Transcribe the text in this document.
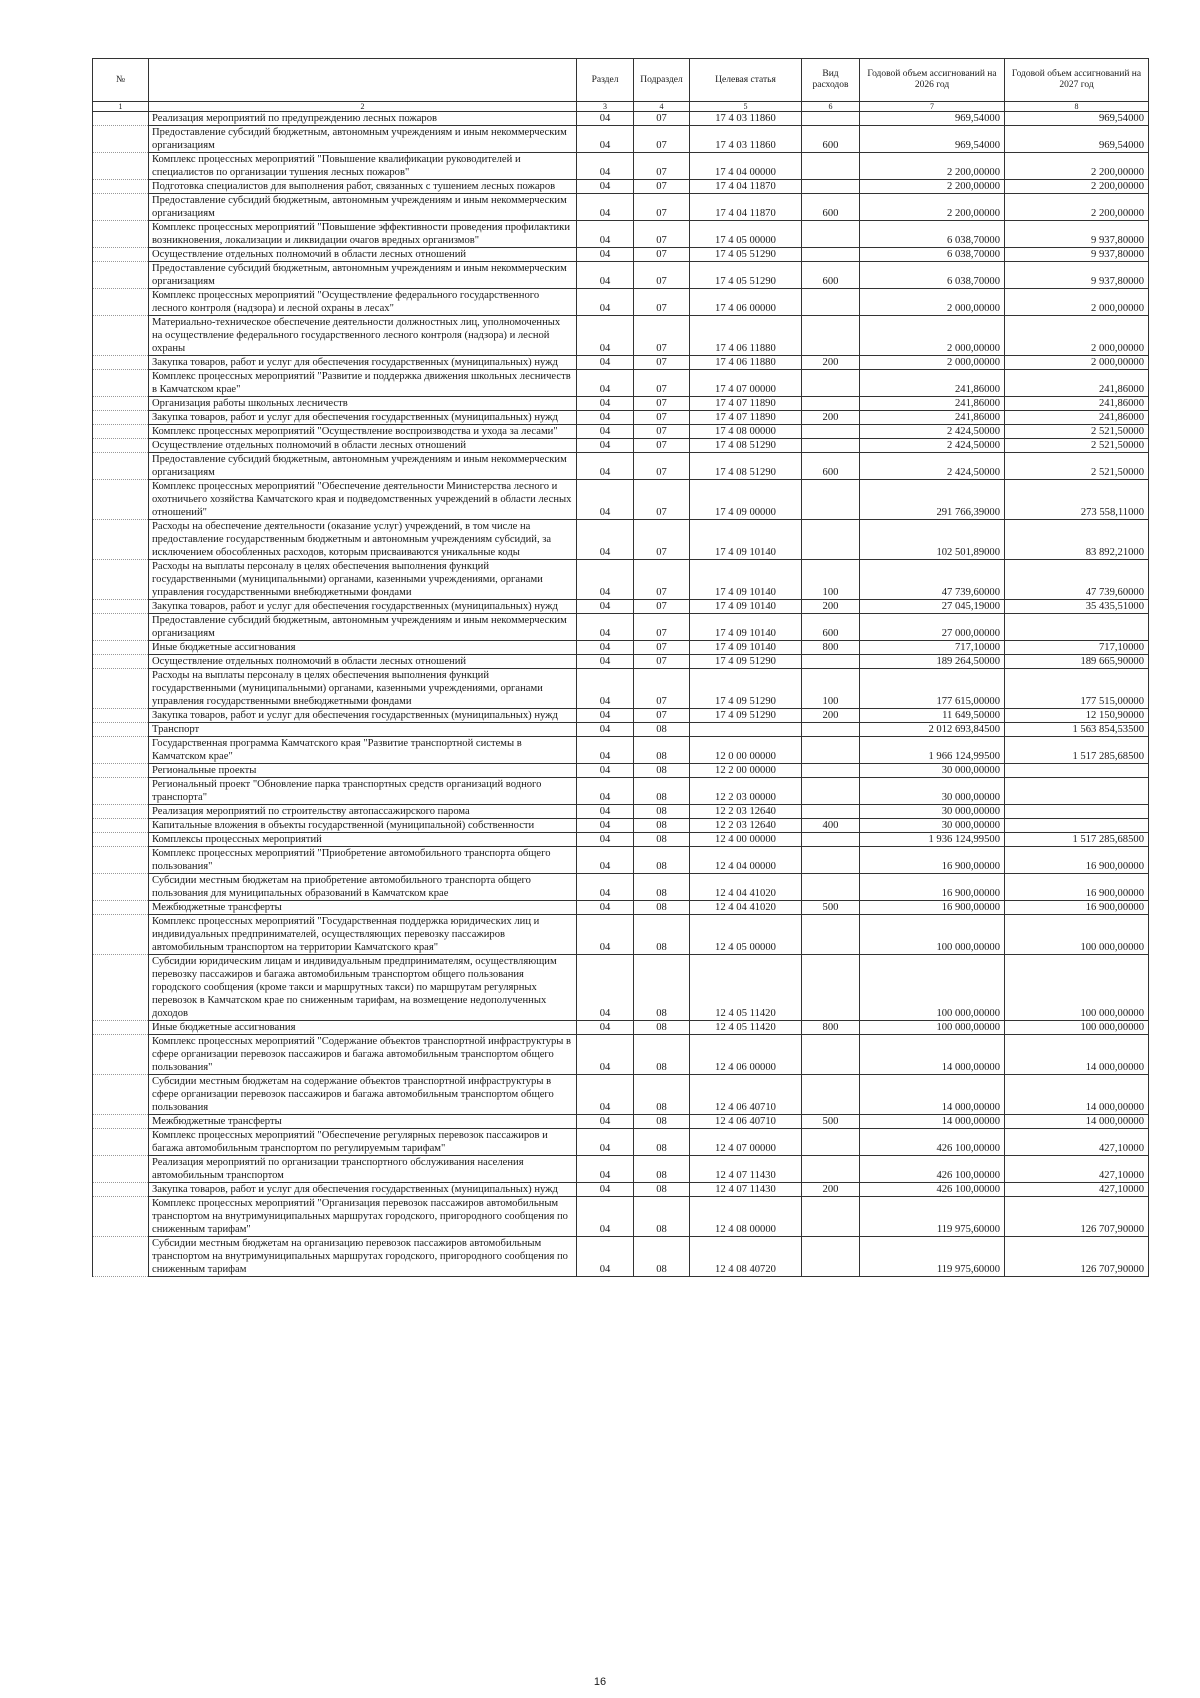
№		Раздел	Подраздел	Целевая статья	Вид расходов	Годовой объем ассигнований на 2026 год	Годовой объем ассигнований на 2027 год
1	2	3	4	5	6	7	8
	Реализация мероприятий по предупреждению лесных пожаров	04	07	17 4 03 11860		969,54000	969,54000
	Предоставление субсидий бюджетным, автономным учреждениям и иным некоммерческим организациям	04	07	17 4 03 11860	600	969,54000	969,54000
	Комплекс процессных мероприятий "Повышение квалификации руководителей и специалистов по организации тушения лесных пожаров"	04	07	17 4 04 00000		2 200,00000	2 200,00000
	Подготовка специалистов для выполнения работ, связанных с тушением лесных пожаров	04	07	17 4 04 11870		2 200,00000	2 200,00000
	Предоставление субсидий бюджетным, автономным учреждениям и иным некоммерческим организациям	04	07	17 4 04 11870	600	2 200,00000	2 200,00000
	Комплекс процессных мероприятий "Повышение эффективности проведения профилактики возникновения, локализации и ликвидации очагов вредных организмов"	04	07	17 4 05 00000		6 038,70000	9 937,80000
	Осуществление отдельных полномочий в области лесных отношений	04	07	17 4 05 51290		6 038,70000	9 937,80000
	Предоставление субсидий бюджетным, автономным учреждениям и иным некоммерческим организациям	04	07	17 4 05 51290	600	6 038,70000	9 937,80000
	Комплекс процессных мероприятий "Осуществление федерального государственного лесного контроля (надзора) и лесной охраны в лесах"	04	07	17 4 06 00000		2 000,00000	2 000,00000
	Материально-техническое обеспечение деятельности должностных лиц, уполномоченных на осуществление федерального государственного лесного контроля (надзора) и лесной охраны	04	07	17 4 06 11880		2 000,00000	2 000,00000
	Закупка товаров, работ и услуг для обеспечения государственных (муниципальных) нужд	04	07	17 4 06 11880	200	2 000,00000	2 000,00000
	Комплекс процессных мероприятий "Развитие и поддержка движения школьных лесничеств в Камчатском крае"	04	07	17 4 07 00000		241,86000	241,86000
	Организация работы школьных лесничеств	04	07	17 4 07 11890		241,86000	241,86000
	Закупка товаров, работ и услуг для обеспечения государственных (муниципальных) нужд	04	07	17 4 07 11890	200	241,86000	241,86000
	Комплекс процессных мероприятий "Осуществление воспроизводства и ухода за лесами"	04	07	17 4 08 00000		2 424,50000	2 521,50000
	Осуществление отдельных полномочий в области лесных отношений	04	07	17 4 08 51290		2 424,50000	2 521,50000
	Предоставление субсидий бюджетным, автономным учреждениям и иным некоммерческим организациям	04	07	17 4 08 51290	600	2 424,50000	2 521,50000
	Комплекс процессных мероприятий "Обеспечение деятельности Министерства лесного и охотничьего хозяйства Камчатского края и подведомственных учреждений в области лесных отношений"	04	07	17 4 09 00000		291 766,39000	273 558,11000
	Расходы на обеспечение деятельности (оказание услуг) учреждений, в том числе на предоставление государственным бюджетным и автономным учреждениям субсидий, за исключением обособленных расходов, которым присваиваются уникальные коды	04	07	17 4 09 10140		102 501,89000	83 892,21000
	Расходы на выплаты персоналу в целях обеспечения выполнения функций государственными (муниципальными) органами, казенными учреждениями, органами управления государственными внебюджетными фондами	04	07	17 4 09 10140	100	47 739,60000	47 739,60000
	Закупка товаров, работ и услуг для обеспечения государственных (муниципальных) нужд	04	07	17 4 09 10140	200	27 045,19000	35 435,51000
	Предоставление субсидий бюджетным, автономным учреждениям и иным некоммерческим организациям	04	07	17 4 09 10140	600	27 000,00000	
	Иные бюджетные ассигнования	04	07	17 4 09 10140	800	717,10000	717,10000
	Осуществление отдельных полномочий в области лесных отношений	04	07	17 4 09 51290		189 264,50000	189 665,90000
	Расходы на выплаты персоналу в целях обеспечения выполнения функций государственными (муниципальными) органами, казенными учреждениями, органами управления государственными внебюджетными фондами	04	07	17 4 09 51290	100	177 615,00000	177 515,00000
	Закупка товаров, работ и услуг для обеспечения государственных (муниципальных) нужд	04	07	17 4 09 51290	200	11 649,50000	12 150,90000
	Транспорт	04	08			2 012 693,84500	1 563 854,53500
	Государственная программа Камчатского края "Развитие транспортной системы в Камчатском крае"	04	08	12 0 00 00000		1 966 124,99500	1 517 285,68500
	Региональные проекты	04	08	12 2 00 00000		30 000,00000	
	Региональный проект "Обновление парка транспортных средств организаций водного транспорта"	04	08	12 2 03 00000		30 000,00000	
	Реализация мероприятий по строительству автопассажирского парома	04	08	12 2 03 12640		30 000,00000	
	Капитальные вложения в объекты государственной (муниципальной) собственности	04	08	12 2 03 12640	400	30 000,00000	
	Комплексы процессных мероприятий	04	08	12 4 00 00000		1 936 124,99500	1 517 285,68500
	Комплекс процессных мероприятий "Приобретение автомобильного транспорта общего пользования"	04	08	12 4 04 00000		16 900,00000	16 900,00000
	Субсидии местным бюджетам на приобретение автомобильного транспорта общего пользования для муниципальных образований в Камчатском крае	04	08	12 4 04 41020		16 900,00000	16 900,00000
	Межбюджетные трансферты	04	08	12 4 04 41020	500	16 900,00000	16 900,00000
	Комплекс процессных мероприятий "Государственная поддержка юридических лиц и индивидуальных предпринимателей, осуществляющих перевозку пассажиров автомобильным транспортом на территории Камчатского края"	04	08	12 4 05 00000		100 000,00000	100 000,00000
	Субсидии юридическим лицам и индивидуальным предпринимателям, осуществляющим перевозку пассажиров и багажа автомобильным транспортом общего пользования городского сообщения (кроме такси и маршрутных такси) по маршрутам регулярных перевозок в Камчатском крае по сниженным тарифам, на возмещение недополученных доходов	04	08	12 4 05 11420		100 000,00000	100 000,00000
	Иные бюджетные ассигнования	04	08	12 4 05 11420	800	100 000,00000	100 000,00000
	Комплекс процессных мероприятий "Содержание объектов транспортной инфраструктуры в сфере организации перевозок пассажиров и багажа автомобильным транспортом общего пользования"	04	08	12 4 06 00000		14 000,00000	14 000,00000
	Субсидии местным бюджетам на содержание объектов транспортной инфраструктуры в сфере организации перевозок пассажиров и багажа автомобильным транспортом общего пользования	04	08	12 4 06 40710		14 000,00000	14 000,00000
	Межбюджетные трансферты	04	08	12 4 06 40710	500	14 000,00000	14 000,00000
	Комплекс процессных мероприятий "Обеспечение регулярных перевозок пассажиров и багажа автомобильным транспортом по регулируемым тарифам"	04	08	12 4 07 00000		426 100,00000	427,10000
	Реализация мероприятий по организации транспортного обслуживания населения автомобильным транспортом	04	08	12 4 07 11430		426 100,00000	427,10000
	Закупка товаров, работ и услуг для обеспечения государственных (муниципальных) нужд	04	08	12 4 07 11430	200	426 100,00000	427,10000
	Комплекс процессных мероприятий "Организация перевозок пассажиров автомобильным транспортом на внутримуниципальных маршрутах городского, пригородного сообщения по сниженным тарифам"	04	08	12 4 08 00000		119 975,60000	126 707,90000
	Субсидии местным бюджетам на организацию перевозок пассажиров автомобильным транспортом на внутримуниципальных маршрутах городского, пригородного сообщения по сниженным тарифам	04	08	12 4 08 40720		119 975,60000	126 707,90000
16
